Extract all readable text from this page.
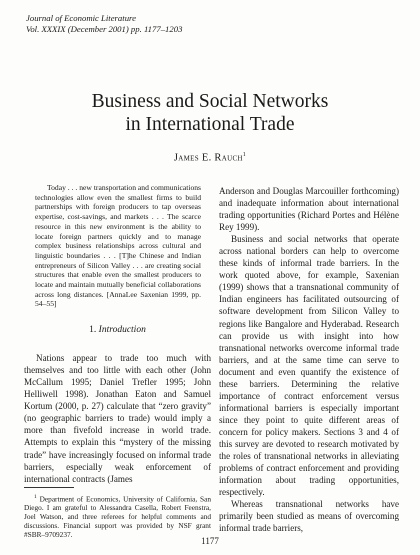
Journal of Economic Literature
Vol. XXXIX (December 2001) pp. 1177–1203
Business and Social Networks
in International Trade
James E. Rauch$^1$

Today . . . new transportation and communications technologies allow even the smallest firms to build partnerships with foreign producers to tap overseas expertise, cost-savings, and markets . . . The scarce resource in this new environment is the ability to locate foreign partners quickly and to manage complex business relationships across cultural and linguistic boundaries . . . [T]he Chinese and Indian entrepreneurs of Silicon Valley . . . are creating social structures that enable even the smallest producers to locate and maintain mutually beneficial collaborations across long distances. [AnnaLee Saxenian 1999, pp. 54–55]

1. Introduction

Nations appear to trade too much with themselves and too little with each other (John McCallum 1995; Daniel Trefler 1995; John Helliwell 1998). Jonathan Eaton and Samuel Kortum (2000, p. 27) calculate that “zero gravity” (no geographic barriers to trade) would imply a more than fivefold increase in world trade. Attempts to explain this “mystery of the missing trade” have increasingly focused on informal trade barriers, especially weak enforcement of international contracts (James

$^1$ Department of Economics, University of California, San Diego. I am grateful to Alessandra Casella, Robert Feenstra, Joel Watson, and three referees for helpful comments and discussions. Financial support was provided by NSF grant #SBR–9709237.

Anderson and Douglas Marcouiller forthcoming) and inadequate information about international trading opportunities (Richard Portes and Hélène Rey 1999).

Business and social networks that operate across national borders can help to overcome these kinds of informal trade barriers. In the work quoted above, for example, Saxenian (1999) shows that a transnational community of Indian engineers has facilitated outsourcing of software development from Silicon Valley to regions like Bangalore and Hyderabad. Research can provide us with insight into how transnational networks overcome informal trade barriers, and at the same time can serve to document and even quantify the existence of these barriers. Determining the relative importance of contract enforcement versus informational barriers is especially important since they point to quite different areas of concern for policy makers. Sections 3 and 4 of this survey are devoted to research motivated by the roles of transnational networks in alleviating problems of contract enforcement and providing information about trading opportunities, respectively.

Whereas transnational networks have primarily been studied as means of overcoming informal trade barriers,

1177
